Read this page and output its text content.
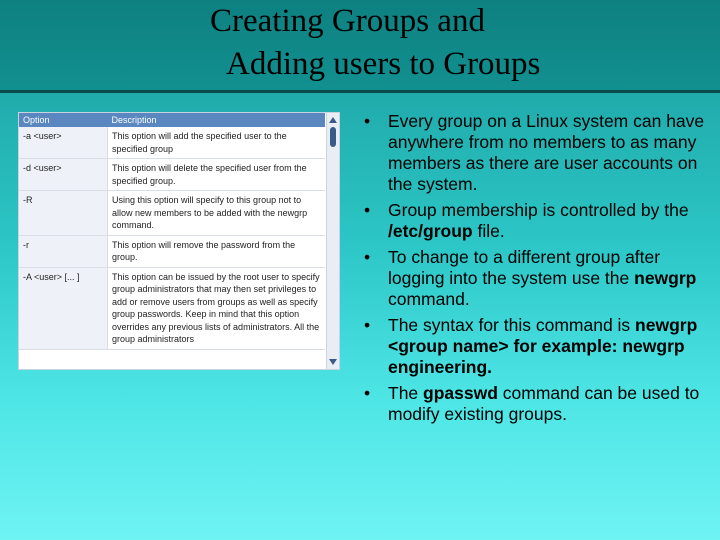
Creating Groups and
Adding users to Groups
Option	Description
-a <user>	This option will add the specified user to the specified group
-d <user>	This option will delete the specified user from the specified group.
-R	Using this option will specify to this group not to allow new members to be added with the newgrp command.
-r	This option will remove the password from the group.
-A <user> [... ]	This option can be issued by the root user to specify group administrators that may then set privileges to add or remove users from groups as well as specify group passwords. Keep in mind that this option overrides any previous lists of administrators. All the group administrators
• Every group on a Linux system can have anywhere from no members to as many members as there are user accounts on the system.
• Group membership is controlled by the /etc/group file.
• To change to a different group after logging into the system use the newgrp command.
• The syntax for this command is newgrp <group name> for example: newgrp engineering.
• The gpasswd command can be used to modify existing groups.
